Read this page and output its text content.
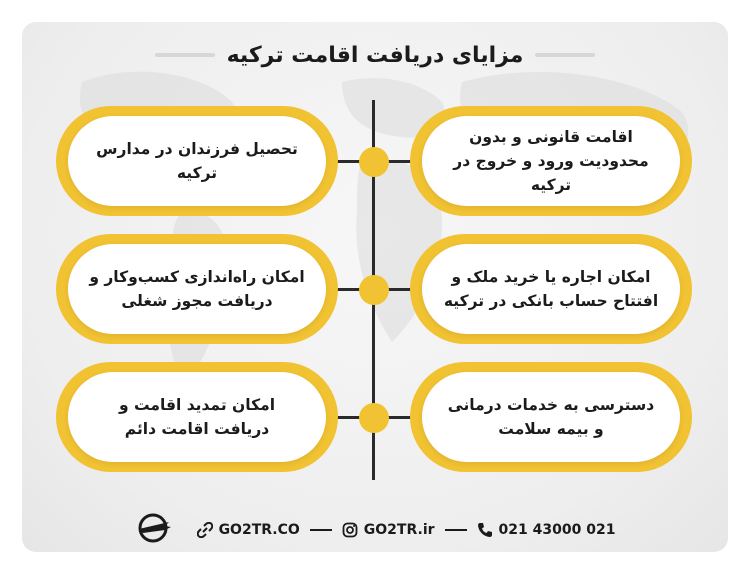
مزایای دریافت اقامت ترکیه
اقامت قانونی و بدون
محدودیت ورود و خروج در ترکیه
تحصیل فرزندان در مدارس ترکیه
امکان اجاره یا خرید ملک و
افتتاح حساب بانکی در ترکیه
امکان راه‌اندازی کسب‌وکار و
دریافت مجوز شغلی
دسترسی به خدمات درمانی
و بیمه سلامت
امکان تمدید اقامت و
دریافت اقامت دائم
GO2TR.CO	GO2TR.ir	021 43000 021
